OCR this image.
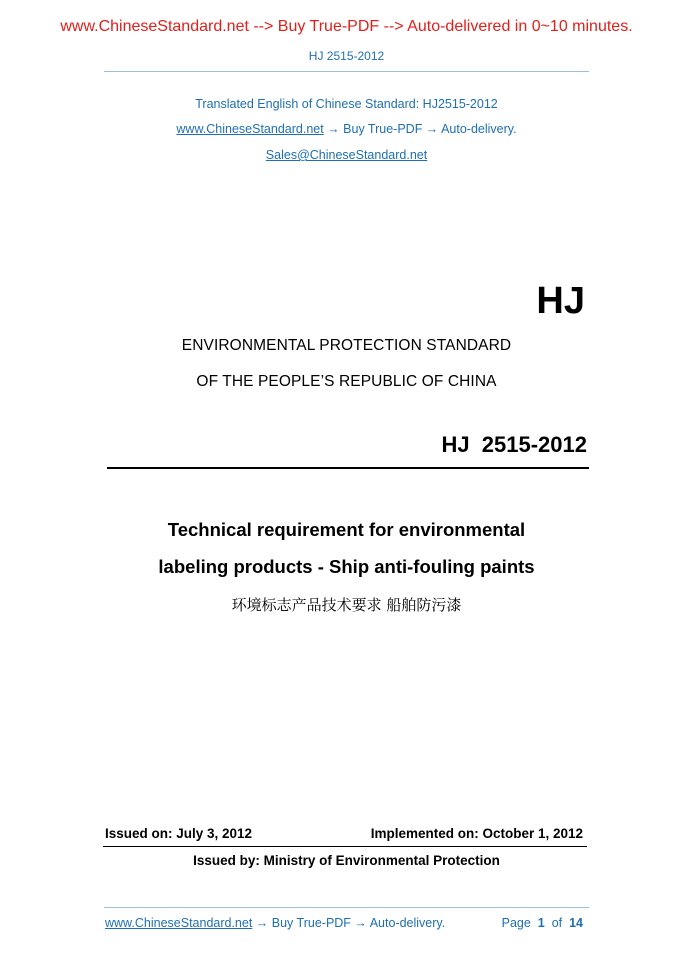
www.ChineseStandard.net --> Buy True-PDF --> Auto-delivered in 0~10 minutes.
HJ 2515-2012
Translated English of Chinese Standard: HJ2515-2012
www.ChineseStandard.net → Buy True-PDF → Auto-delivery.
Sales@ChineseStandard.net
HJ
ENVIRONMENTAL PROTECTION STANDARD
OF THE PEOPLE’S REPUBLIC OF CHINA
HJ 2515-2012
Technical requirement for environmental
labeling products - Ship anti-fouling paints
环境标志产品技术要求 船舶防污漆
Issued on: July 3, 2012	Implemented on: October 1, 2012
Issued by: Ministry of Environmental Protection
www.ChineseStandard.net → Buy True-PDF → Auto-delivery.	Page 1 of 14
